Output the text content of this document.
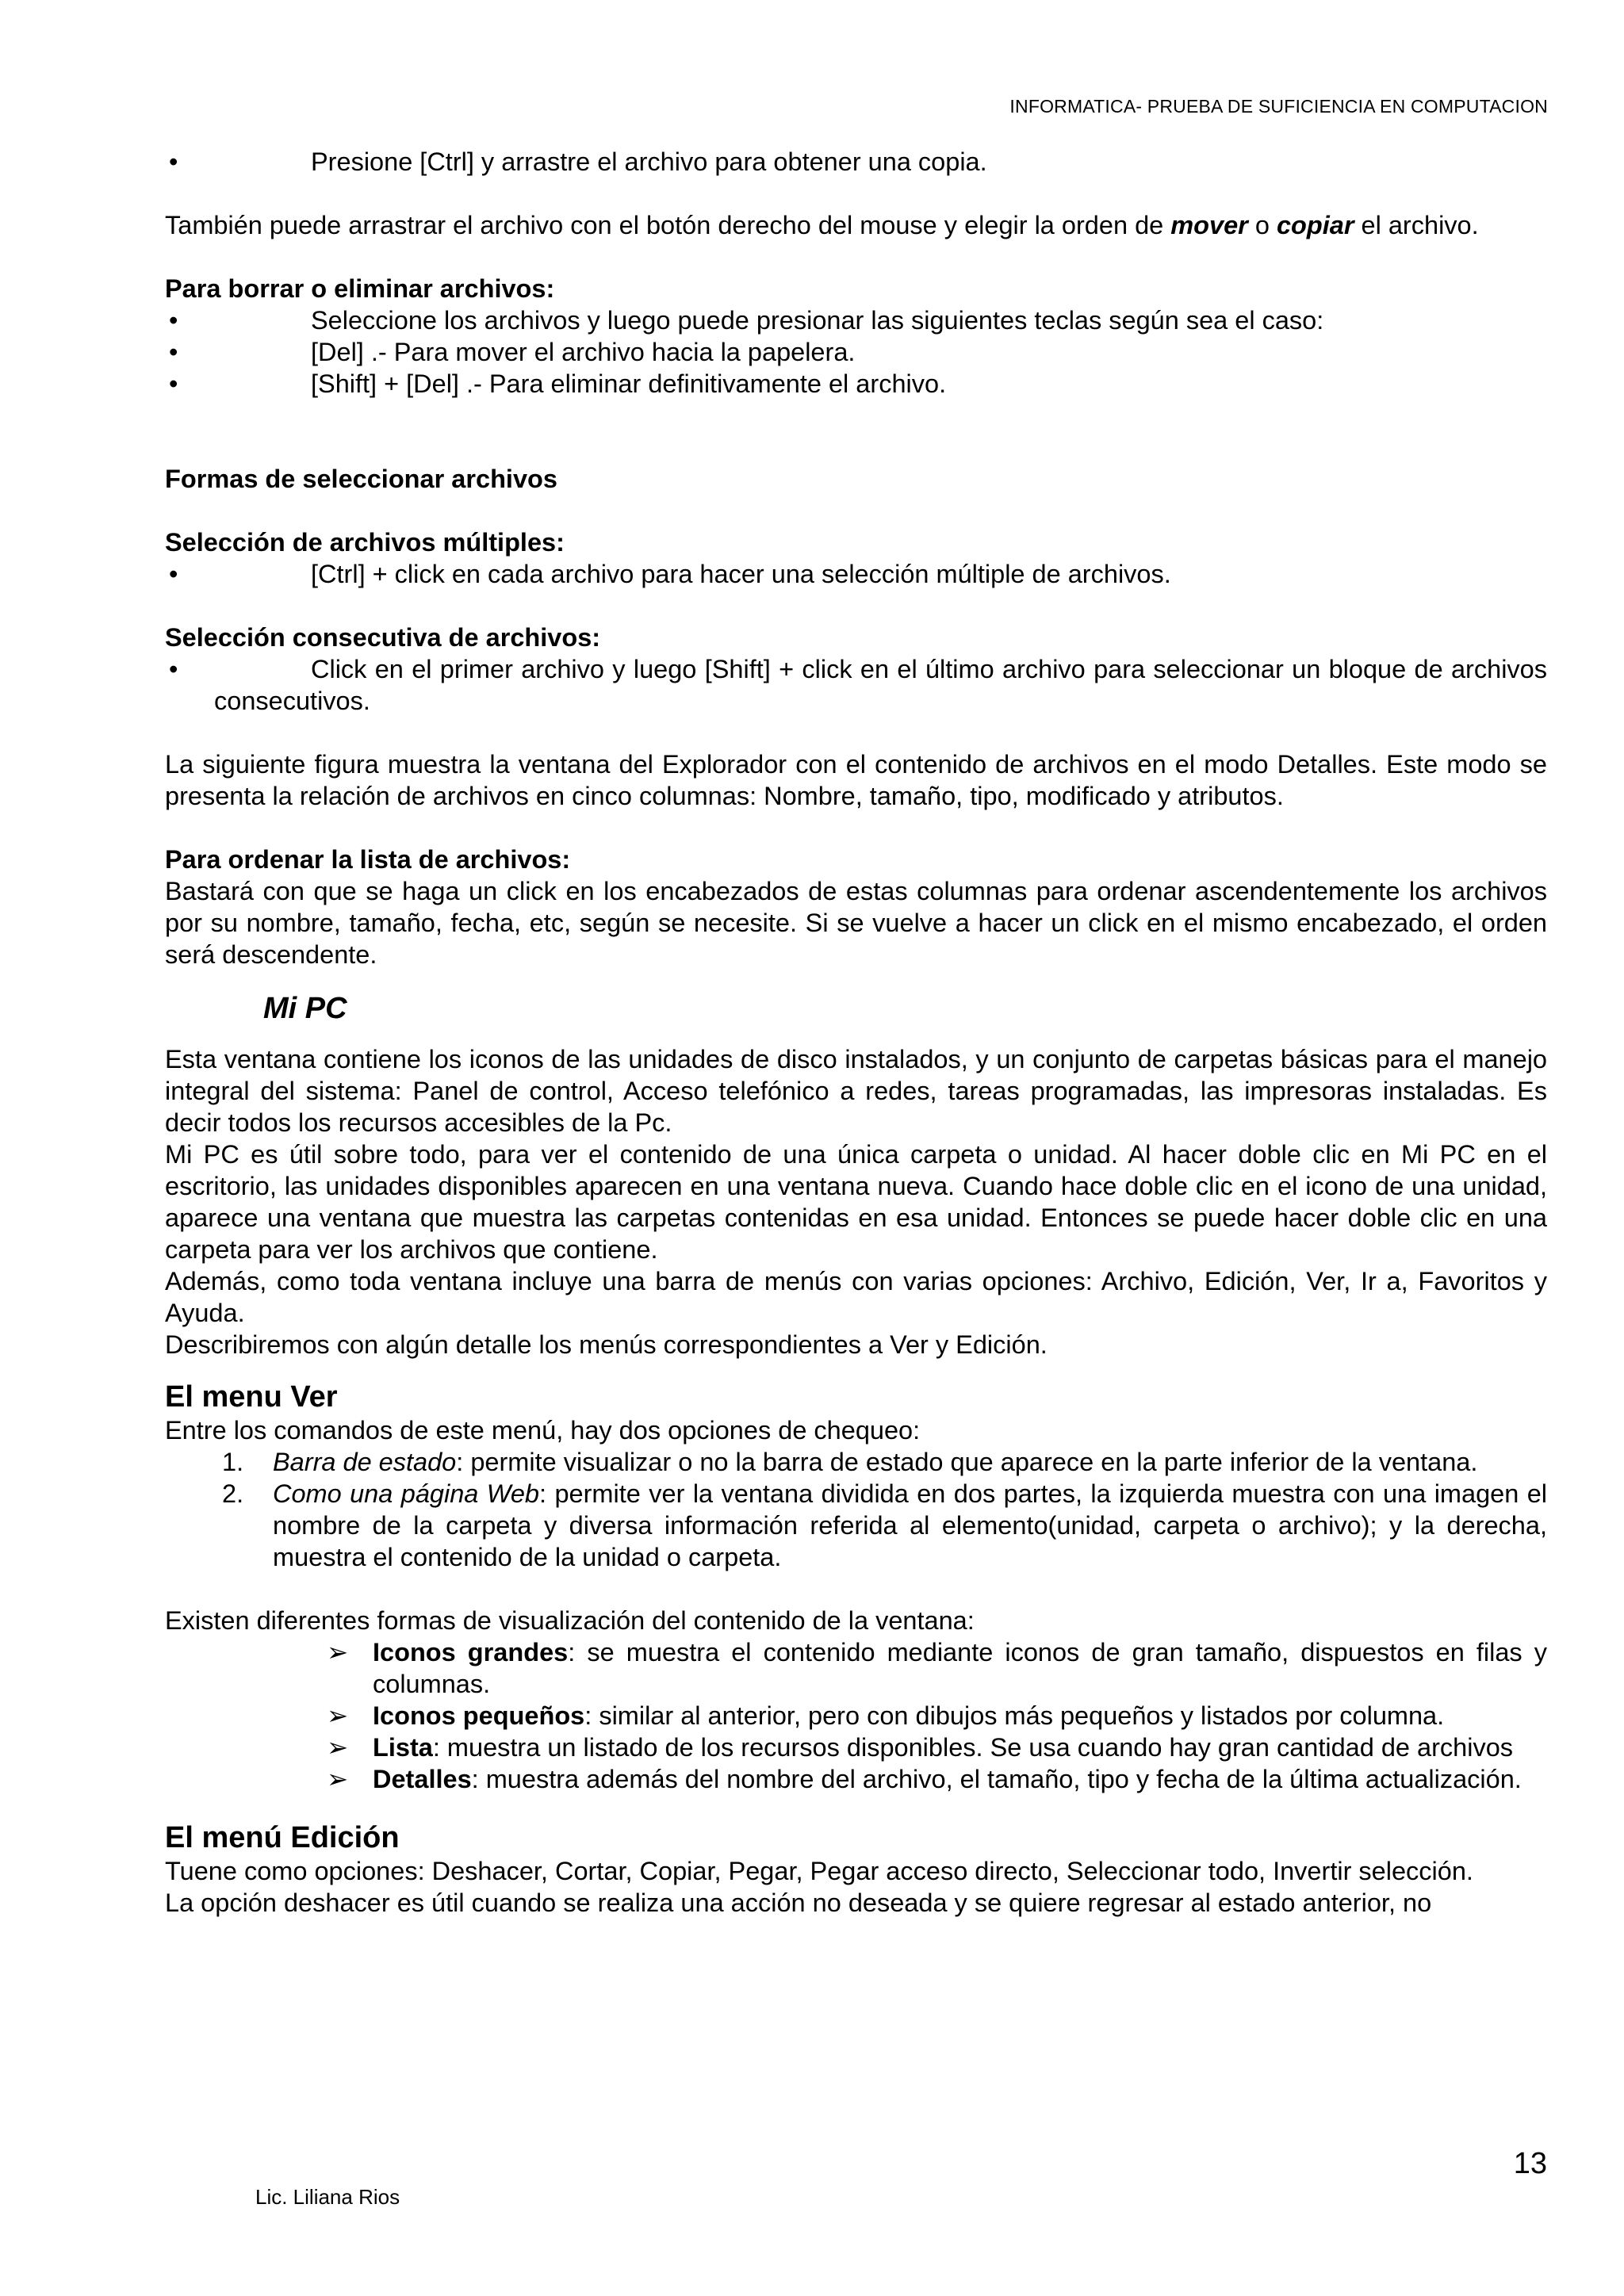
INFORMATICA- PRUEBA DE SUFICIENCIA EN COMPUTACION
•	Presione [Ctrl] y arrastre el archivo para obtener una copia.

También puede arrastrar el archivo con el botón derecho del mouse y elegir la orden de mover o copiar el archivo.

Para borrar o eliminar archivos:
•	Seleccione los archivos y luego puede presionar las siguientes teclas según sea el caso:
•	[Del] .- Para mover el archivo hacia la papelera.
•	[Shift] + [Del] .- Para eliminar definitivamente el archivo.
Formas de seleccionar archivos
Selección de archivos múltiples:
•	[Ctrl] + click en cada archivo para hacer una selección múltiple de archivos.
Selección consecutiva de archivos:
•	Click en el primer archivo y luego [Shift] + click en el último archivo para seleccionar un bloque de archivos consecutivos.

La siguiente figura muestra la ventana del Explorador con el contenido de archivos en el modo Detalles. Este modo se presenta la relación de archivos en cinco columnas: Nombre, tamaño, tipo, modificado y atributos.

Para ordenar la lista de archivos:

Bastará con que se haga un click en los encabezados de estas columnas para ordenar ascendentemente los archivos por su nombre, tamaño, fecha, etc, según se necesite. Si se vuelve a hacer un click en el mismo encabezado, el orden será descendente.

Mi PC

Esta ventana contiene los iconos de las unidades de disco instalados, y un conjunto de carpetas básicas para el manejo integral del sistema: Panel de control, Acceso telefónico a redes, tareas programadas, las impresoras instaladas. Es decir todos los recursos accesibles de la Pc.

Mi PC es útil sobre todo, para ver el contenido de una única carpeta o unidad. Al hacer doble clic en Mi PC en el escritorio, las unidades disponibles aparecen en una ventana nueva. Cuando hace doble clic en el icono de una unidad, aparece una ventana que muestra las carpetas contenidas en esa unidad. Entonces se puede hacer doble clic en una carpeta para ver los archivos que contiene.

Además, como toda ventana incluye una barra de menús con varias opciones: Archivo, Edición, Ver, Ir a, Favoritos y Ayuda.

Describiremos con algún detalle los menús correspondientes a Ver y Edición.

El menu Ver

Entre los comandos de este menú, hay dos opciones de chequeo:

1. Barra de estado: permite visualizar o no la barra de estado que aparece en la parte inferior de la ventana.
2. Como una página Web: permite ver la ventana dividida en dos partes, la izquierda muestra con una imagen el nombre de la carpeta y diversa información referida al elemento(unidad, carpeta o archivo); y la derecha, muestra el contenido de la unidad o carpeta.

Existen diferentes formas de visualización del contenido de la ventana:

➢ Iconos grandes: se muestra el contenido mediante iconos de gran tamaño, dispuestos en filas y columnas.
➢ Iconos pequeños: similar al anterior, pero con dibujos más pequeños y listados por columna.
➢ Lista: muestra un listado de los recursos disponibles. Se usa cuando hay gran cantidad de archivos
➢ Detalles: muestra además del nombre del archivo, el tamaño, tipo y fecha de la última actualización.
El menú Edición

Tuene como opciones: Deshacer, Cortar, Copiar, Pegar, Pegar acceso directo, Seleccionar todo, Invertir selección.

La opción deshacer es útil cuando se realiza una acción no deseada y se quiere regresar al estado anterior, no

13
Lic. Liliana Rios
